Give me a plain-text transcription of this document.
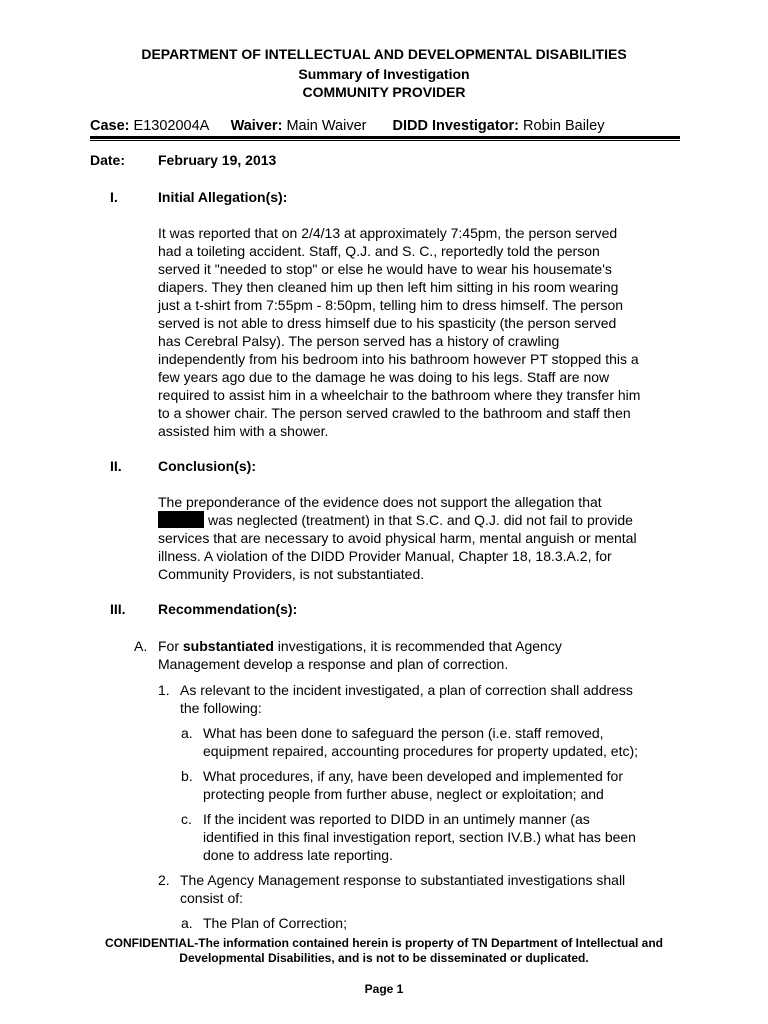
DEPARTMENT OF INTELLECTUAL AND DEVELOPMENTAL DISABILITIES
Summary of Investigation
COMMUNITY PROVIDER
Case: E1302004A Waiver: Main Waiver DIDD Investigator: Robin Bailey
Date: February 19, 2013
I.	Initial Allegation(s):
It was reported that on 2/4/13 at approximately 7:45pm, the person served
had a toileting accident. Staff, Q.J. and S. C., reportedly told the person
served it "needed to stop" or else he would have to wear his housemate's
diapers. They then cleaned him up then left him sitting in his room wearing
just a t-shirt from 7:55pm - 8:50pm, telling him to dress himself. The person
served is not able to dress himself due to his spasticity (the person served
has Cerebral Palsy). The person served has a history of crawling
independently from his bedroom into his bathroom however PT stopped this a
few years ago due to the damage he was doing to his legs. Staff are now
required to assist him in a wheelchair to the bathroom where they transfer him
to a shower chair. The person served crawled to the bathroom and staff then
assisted him with a shower.
II.	Conclusion(s):
The preponderance of the evidence does not support the allegation that
was neglected (treatment) in that S.C. and Q.J. did not fail to provide
services that are necessary to avoid physical harm, mental anguish or mental
illness. A violation of the DIDD Provider Manual, Chapter 18, 18.3.A.2, for
Community Providers, is not substantiated.
III. Recommendation(s):
A. For substantiated investigations, it is recommended that Agency
Management develop a response and plan of correction.
1. As relevant to the incident investigated, a plan of correction shall address
the following:
a. What has been done to safeguard the person (i.e. staff removed,
equipment repaired, accounting procedures for property updated, etc);
b. What procedures, if any, have been developed and implemented for
protecting people from further abuse, neglect or exploitation; and
c. If the incident was reported to DIDD in an untimely manner (as
identified in this final investigation report, section IV.B.) what has been
done to address late reporting.
2. The Agency Management response to substantiated investigations shall
consist of:
a. The Plan of Correction;
CONFIDENTIAL-The information contained herein is property of TN Department of Intellectual and
Developmental Disabilities, and is not to be disseminated or duplicated.
Page 1
